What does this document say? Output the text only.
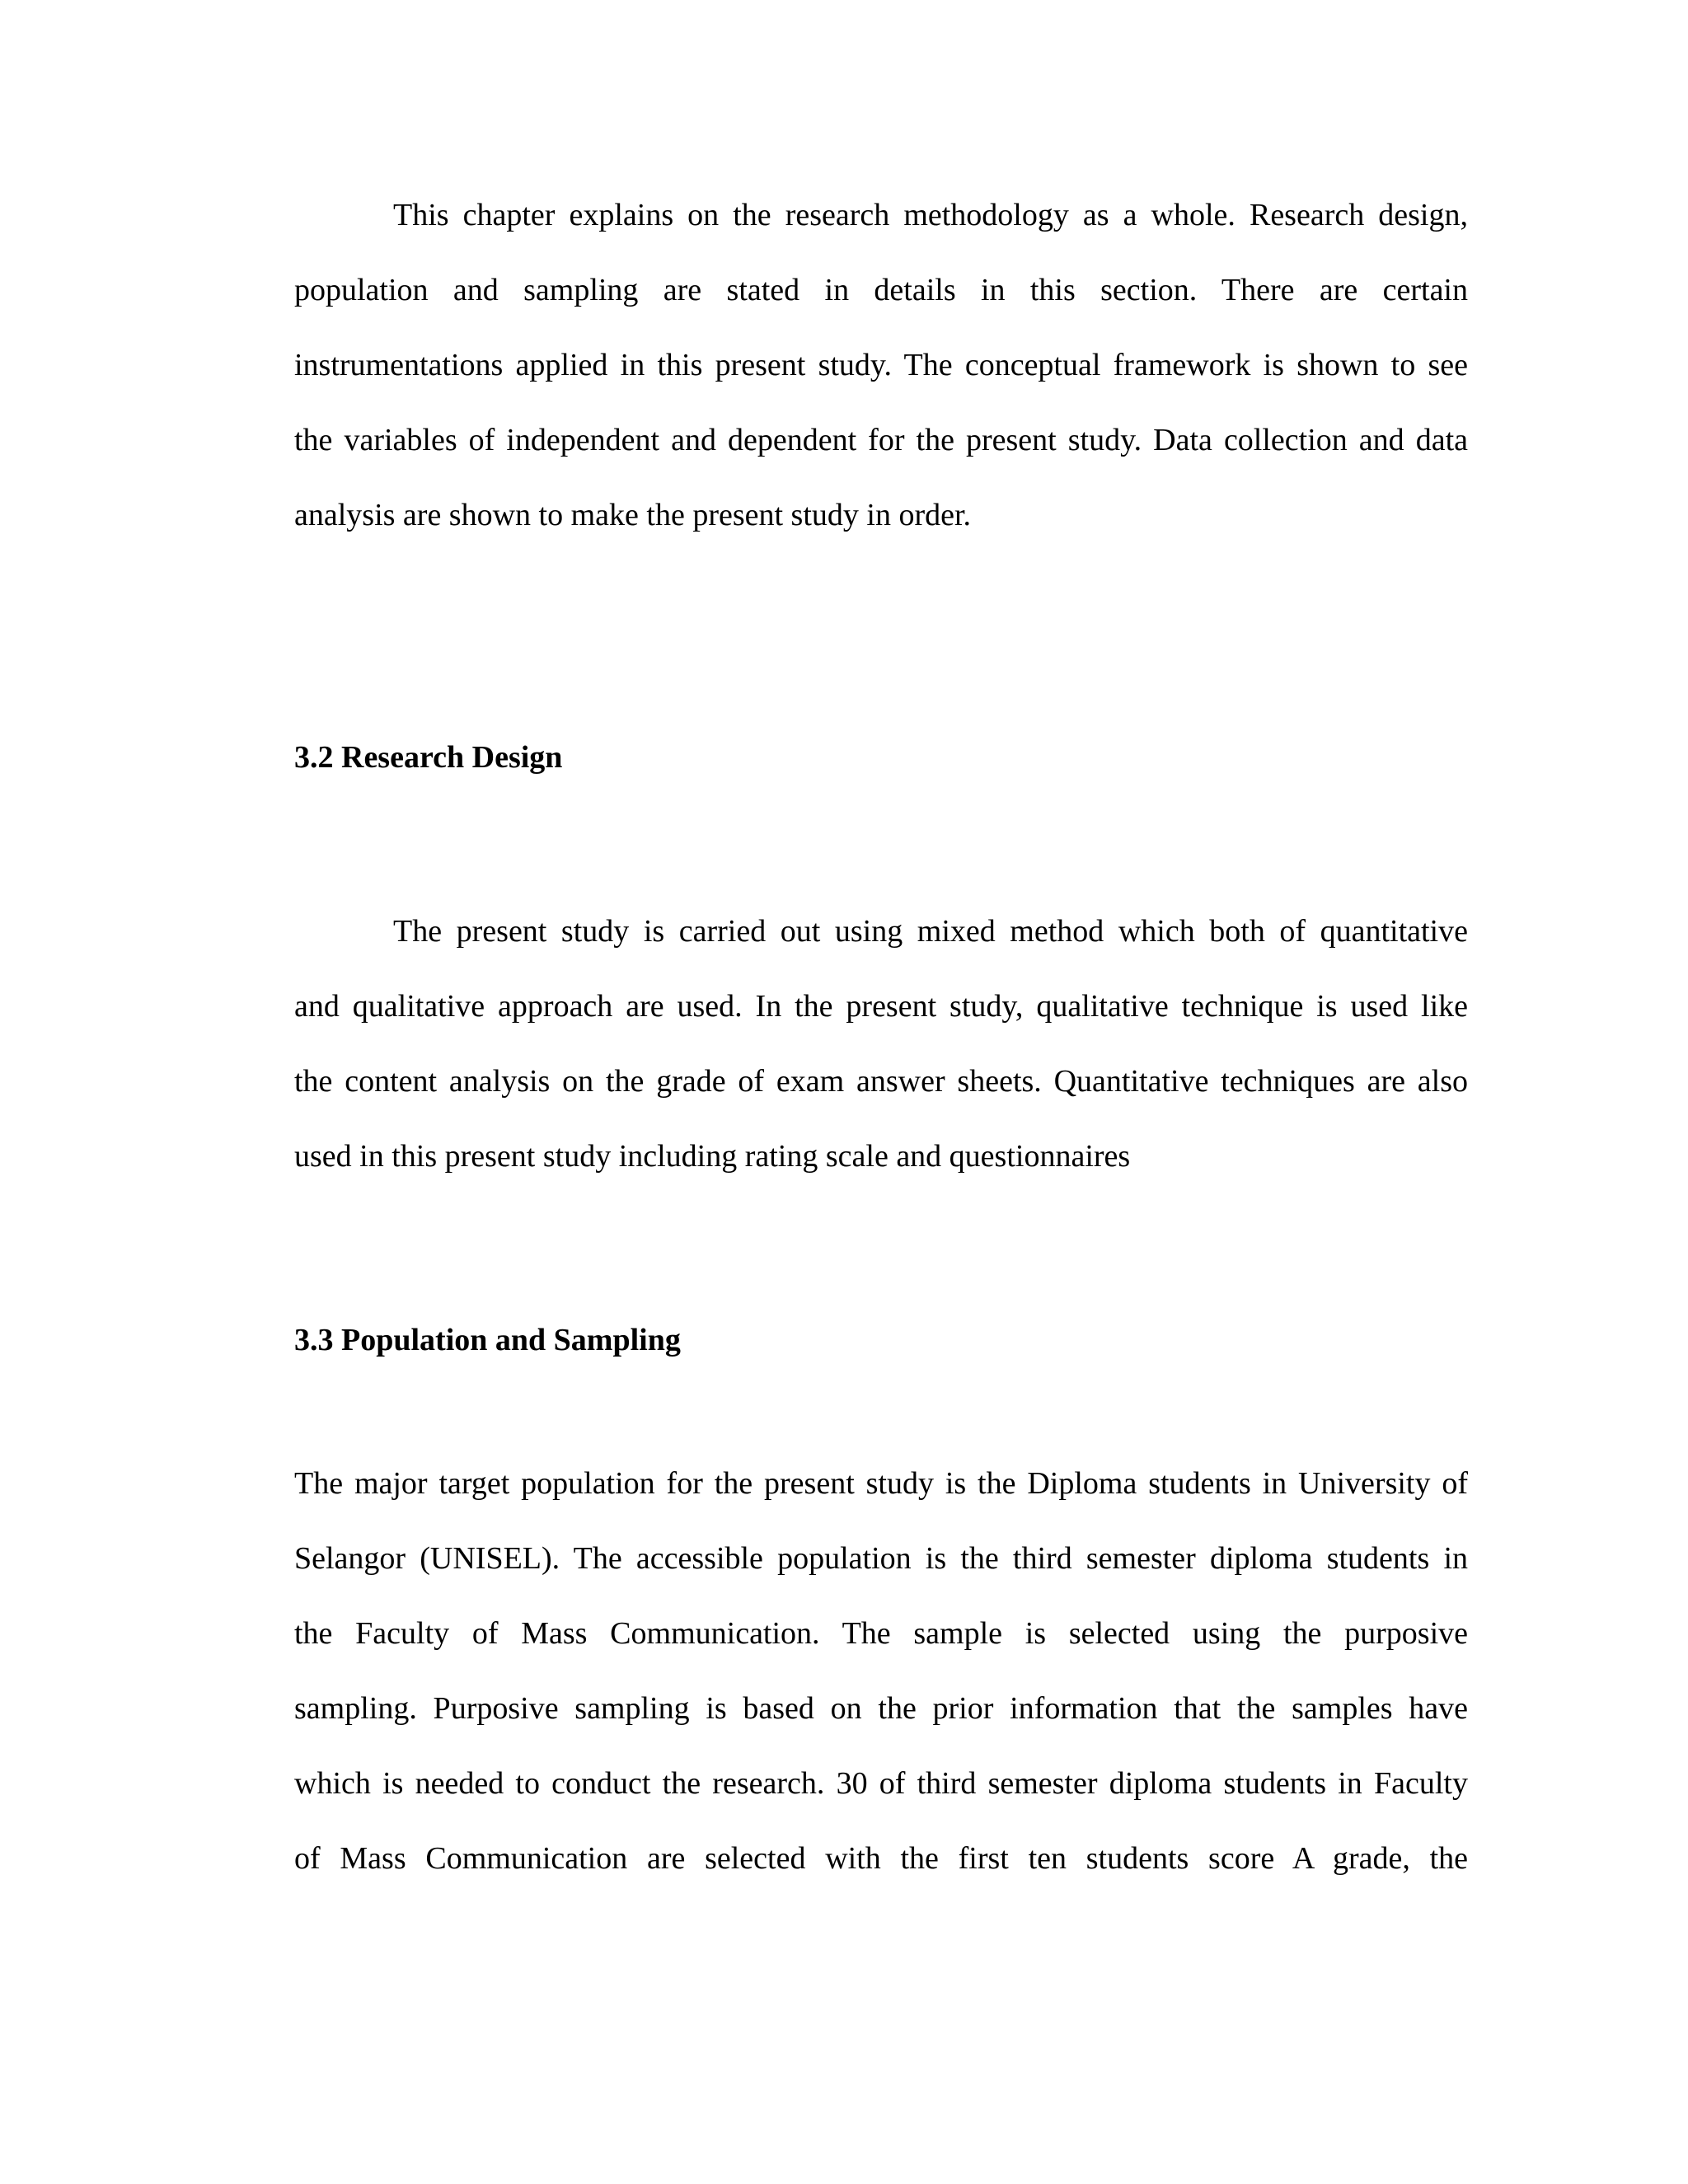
This chapter explains on the research methodology as a whole. Research design,
population and sampling are stated in details in this section. There are certain
instrumentations applied in this present study. The conceptual framework is shown to see
the variables of independent and dependent for the present study. Data collection and data
analysis are shown to make the present study in order.
3.2 Research Design
The present study is carried out using mixed method which both of quantitative
and qualitative approach are used. In the present study, qualitative technique is used like
the content analysis on the grade of exam answer sheets. Quantitative techniques are also
used in this present study including rating scale and questionnaires
3.3 Population and Sampling
The major target population for the present study is the Diploma students in University of
Selangor (UNISEL). The accessible population is the third semester diploma students in
the Faculty of Mass Communication. The sample is selected using the purposive
sampling. Purposive sampling is based on the prior information that the samples have
which is needed to conduct the research. 30 of third semester diploma students in Faculty
of Mass Communication are selected with the first ten students score A grade, the
